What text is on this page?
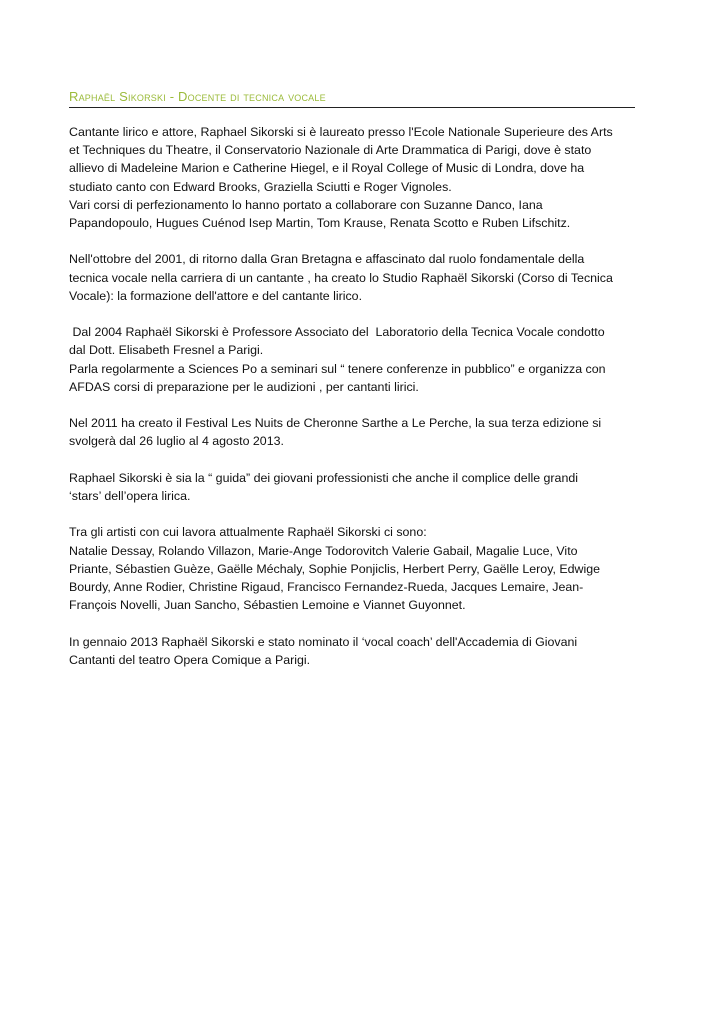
Raphaël Sikorski - Docente di tecnica vocale

Cantante lirico e attore, Raphael Sikorski si è laureato presso l'Ecole Nationale Superieure des Arts
et Techniques du Theatre, il Conservatorio Nazionale di Arte Drammatica di Parigi, dove è stato
allievo di Madeleine Marion e Catherine Hiegel, e il Royal College of Music di Londra, dove ha
studiato canto con Edward Brooks, Graziella Sciutti e Roger Vignoles.
Vari corsi di perfezionamento lo hanno portato a collaborare con Suzanne Danco, Iana
Papandopoulo, Hugues Cuénod Isep Martin, Tom Krause, Renata Scotto e Ruben Lifschitz.

Nell'ottobre del 2001, di ritorno dalla Gran Bretagna e affascinato dal ruolo fondamentale della
tecnica vocale nella carriera di un cantante , ha creato lo Studio Raphaël Sikorski (Corso di Tecnica
Vocale): la formazione dell'attore e del cantante lirico.

Dal 2004 Raphaël Sikorski è Professore Associato del  Laboratorio della Tecnica Vocale condotto
dal Dott. Elisabeth Fresnel a Parigi.
Parla regolarmente a Sciences Po a seminari sul “ tenere conferenze in pubblico” e organizza con
AFDAS corsi di preparazione per le audizioni , per cantanti lirici.

Nel 2011 ha creato il Festival Les Nuits de Cheronne Sarthe a Le Perche, la sua terza edizione si
svolgerà dal 26 luglio al 4 agosto 2013.

Raphael Sikorski è sia la “ guida” dei giovani professionisti che anche il complice delle grandi
‘stars’ dell’opera lirica.

Tra gli artisti con cui lavora attualmente Raphaël Sikorski ci sono:
Natalie Dessay, Rolando Villazon, Marie-Ange Todorovitch Valerie Gabail, Magalie Luce, Vito
Priante, Sébastien Guèze, Gaëlle Méchaly, Sophie Ponjiclis, Herbert Perry, Gaëlle Leroy, Edwige
Bourdy, Anne Rodier, Christine Rigaud, Francisco Fernandez-Rueda, Jacques Lemaire, Jean-
François Novelli, Juan Sancho, Sébastien Lemoine e Viannet Guyonnet.

In gennaio 2013 Raphaël Sikorski e stato nominato il ‘vocal coach’ dell'Accademia di Giovani
Cantanti del teatro Opera Comique a Parigi.
